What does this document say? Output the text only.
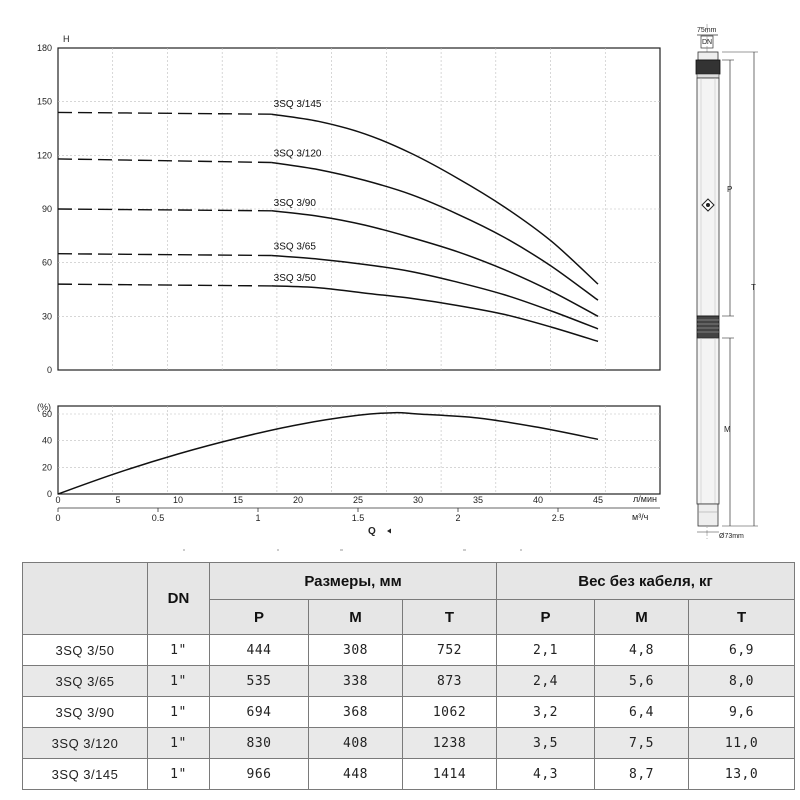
0
30
60
90
120
150
180
H
3SQ 3/145
3SQ 3/120
3SQ 3/90
3SQ 3/65
3SQ 3/50
0
20
40
60
(%)
0	5	10	15	20	25	30	35	40	45	л/мин
0	0.5	1	1.5	2	2.5	м³/ч
Q
75mm
DN
P
M
T
Ø73mm
	DN	Размеры, мм			Вес без кабеля, кг		
		P	M	T	P	M	T
3SQ 3/50	1"	444	308	752	2,1	4,8	6,9
3SQ 3/65	1"	535	338	873	2,4	5,6	8,0
3SQ 3/90	1"	694	368	1062	3,2	6,4	9,6
3SQ 3/120	1"	830	408	1238	3,5	7,5	11,0
3SQ 3/145	1"	966	448	1414	4,3	8,7	13,0
